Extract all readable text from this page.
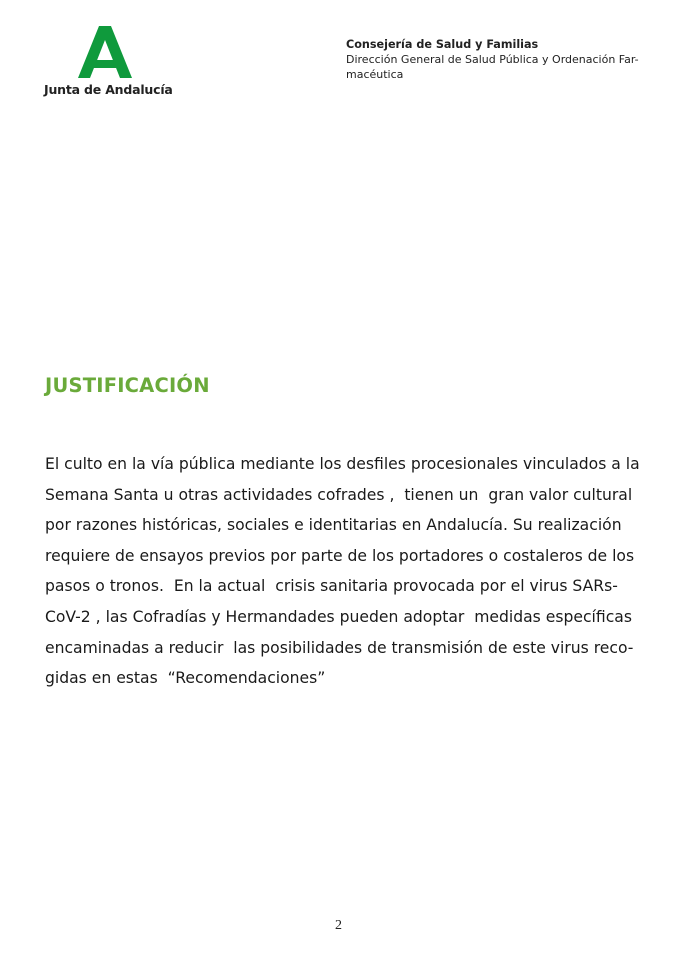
Junta de Andalucía
Consejería de Salud y Familias
Dirección General de Salud Pública y Ordenación Far-
macéutica
JUSTIFICACIÓN
El culto en la vía pública mediante los desfiles procesionales vinculados a la
Semana Santa u otras actividades cofrades ,  tienen un  gran valor cultural
por razones históricas, sociales e identitarias en Andalucía. Su realización
requiere de ensayos previos por parte de los portadores o costaleros de los
pasos o tronos.  En la actual  crisis sanitaria provocada por el virus SARs-
CoV-2 , las Cofradías y Hermandades pueden adoptar  medidas específicas
encaminadas a reducir  las posibilidades de transmisión de este virus reco-
gidas en estas  “Recomendaciones”
2
